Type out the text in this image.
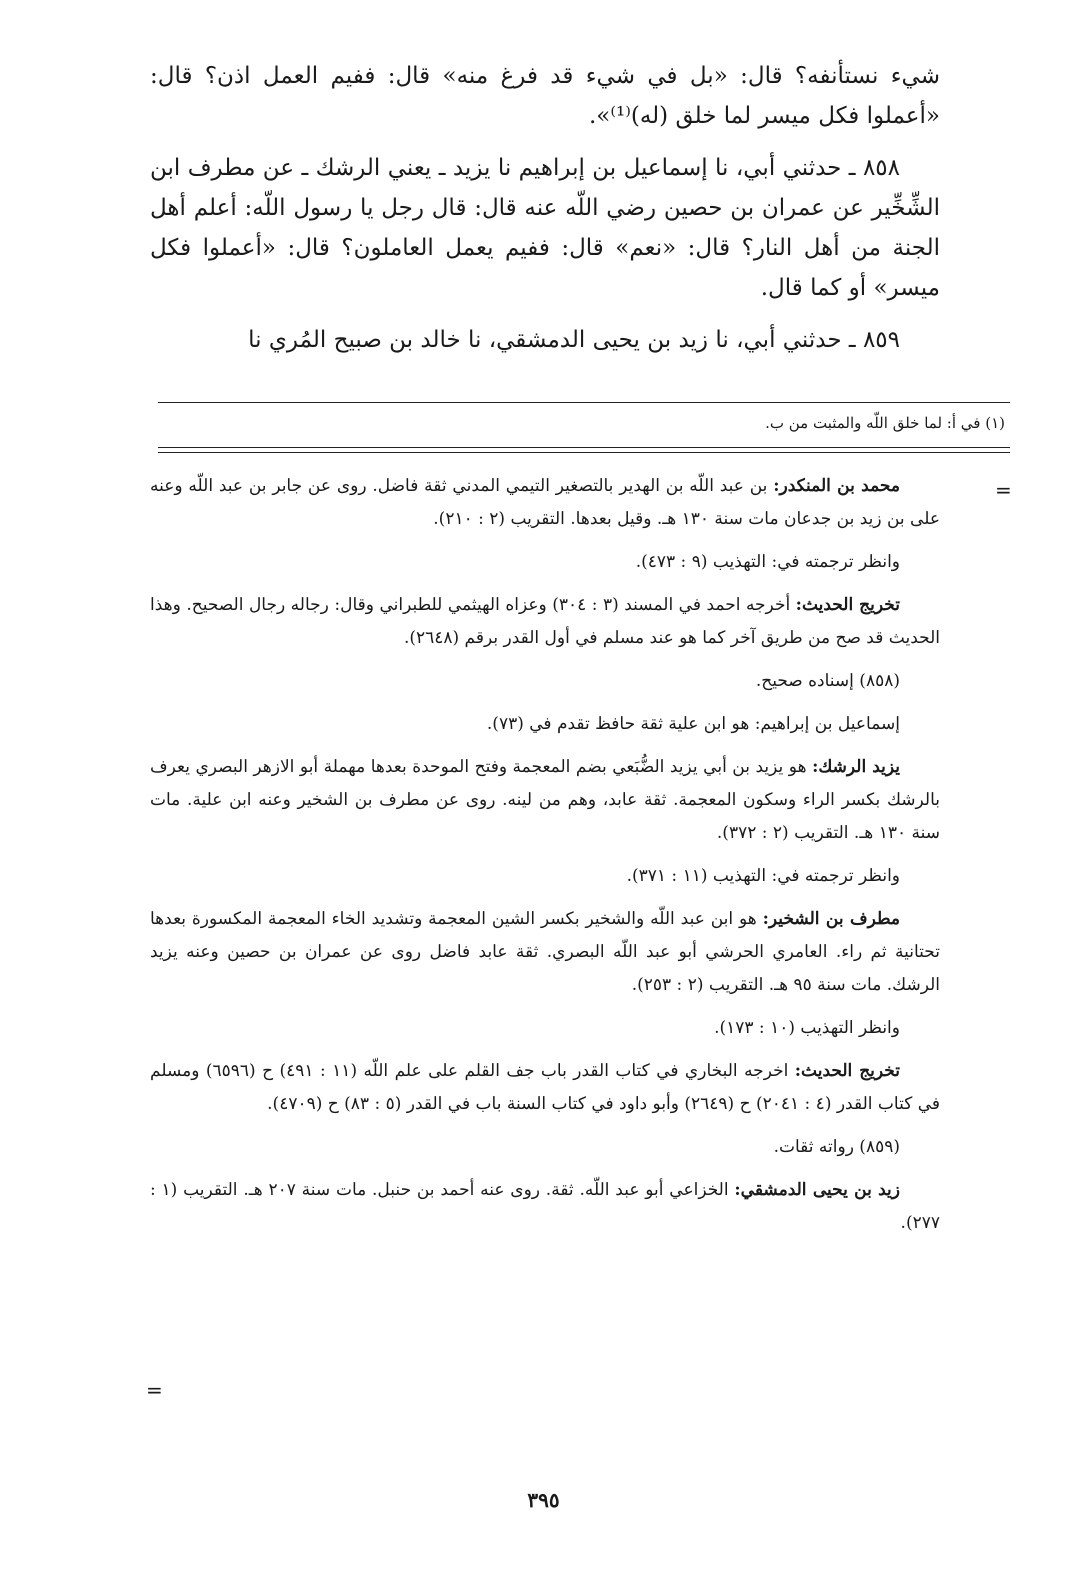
شيء نستأنفه؟ قال: «بل في شيء قد فرغ منه» قال: ففيم العمل اذن؟ قال: «أعملوا فكل ميسر لما خلق (له)⁽¹⁾».

٨٥٨ ـ حدثني أبي، نا إسماعيل بن إبراهيم نا يزيد ـ يعني الرشك ـ عن مطرف ابن الشِّخِّير عن عمران بن حصين رضي اللّه عنه قال: قال رجل يا رسول اللّه: أعلم أهل الجنة من أهل النار؟ قال: «نعم» قال: ففيم يعمل العاملون؟ قال: «أعملوا فكل ميسر» أو كما قال.

٨٥٩ ـ حدثني أبي، نا زيد بن يحيى الدمشقي، نا خالد بن صبيح المُري نا

(١) في أ: لما خلق اللّه والمثبت من ب.
=

محمد بن المنكدر: بن عبد اللّه بن الهدير بالتصغير التيمي المدني ثقة فاضل. روى عن جابر بن عبد اللّه وعنه على بن زيد بن جدعان مات سنة ١٣٠ هـ. وقيل بعدها. التقريب (٢ : ٢١٠).

وانظر ترجمته في: التهذيب (٩ : ٤٧٣).

تخريج الحديث: أخرجه احمد في المسند (٣ : ٣٠٤) وعزاه الهيثمي للطبراني وقال: رجاله رجال الصحيح. وهذا الحديث قد صح من طريق آخر كما هو عند مسلم في أول القدر برقم (٢٦٤٨).

(٨٥٨) إسناده صحيح.

إسماعيل بن إبراهيم: هو ابن علية ثقة حافظ تقدم في (٧٣).

يزيد الرشك: هو يزيد بن أبي يزيد الضُّبَعي بضم المعجمة وفتح الموحدة بعدها مهملة أبو الازهر البصري يعرف بالرشك بكسر الراء وسكون المعجمة. ثقة عابد، وهم من لينه. روى عن مطرف بن الشخير وعنه ابن علية. مات سنة ١٣٠ هـ. التقريب (٢ : ٣٧٢).

وانظر ترجمته في: التهذيب (١١ : ٣٧١).

مطرف بن الشخير: هو ابن عبد اللّه والشخير بكسر الشين المعجمة وتشديد الخاء المعجمة المكسورة بعدها تحتانية ثم راء. العامري الحرشي أبو عبد اللّه البصري. ثقة عابد فاضل روى عن عمران بن حصين وعنه يزيد الرشك. مات سنة ٩٥ هـ. التقريب (٢ : ٢٥٣).

وانظر التهذيب (١٠ : ١٧٣).

تخريج الحديث: اخرجه البخاري في كتاب القدر باب جف القلم على علم اللّه (١١ : ٤٩١) ح (٦٥٩٦) ومسلم في كتاب القدر (٤ : ٢٠٤١) ح (٢٦٤٩) وأبو داود في كتاب السنة باب في القدر (٥ : ٨٣) ح (٤٧٠٩).

(٨٥٩) رواته ثقات.

زيد بن يحيى الدمشقي: الخزاعي أبو عبد اللّه. ثقة. روى عنه أحمد بن حنبل. مات سنة ٢٠٧ هـ. التقريب (١ : ٢٧٧).

=
٣٩٥
